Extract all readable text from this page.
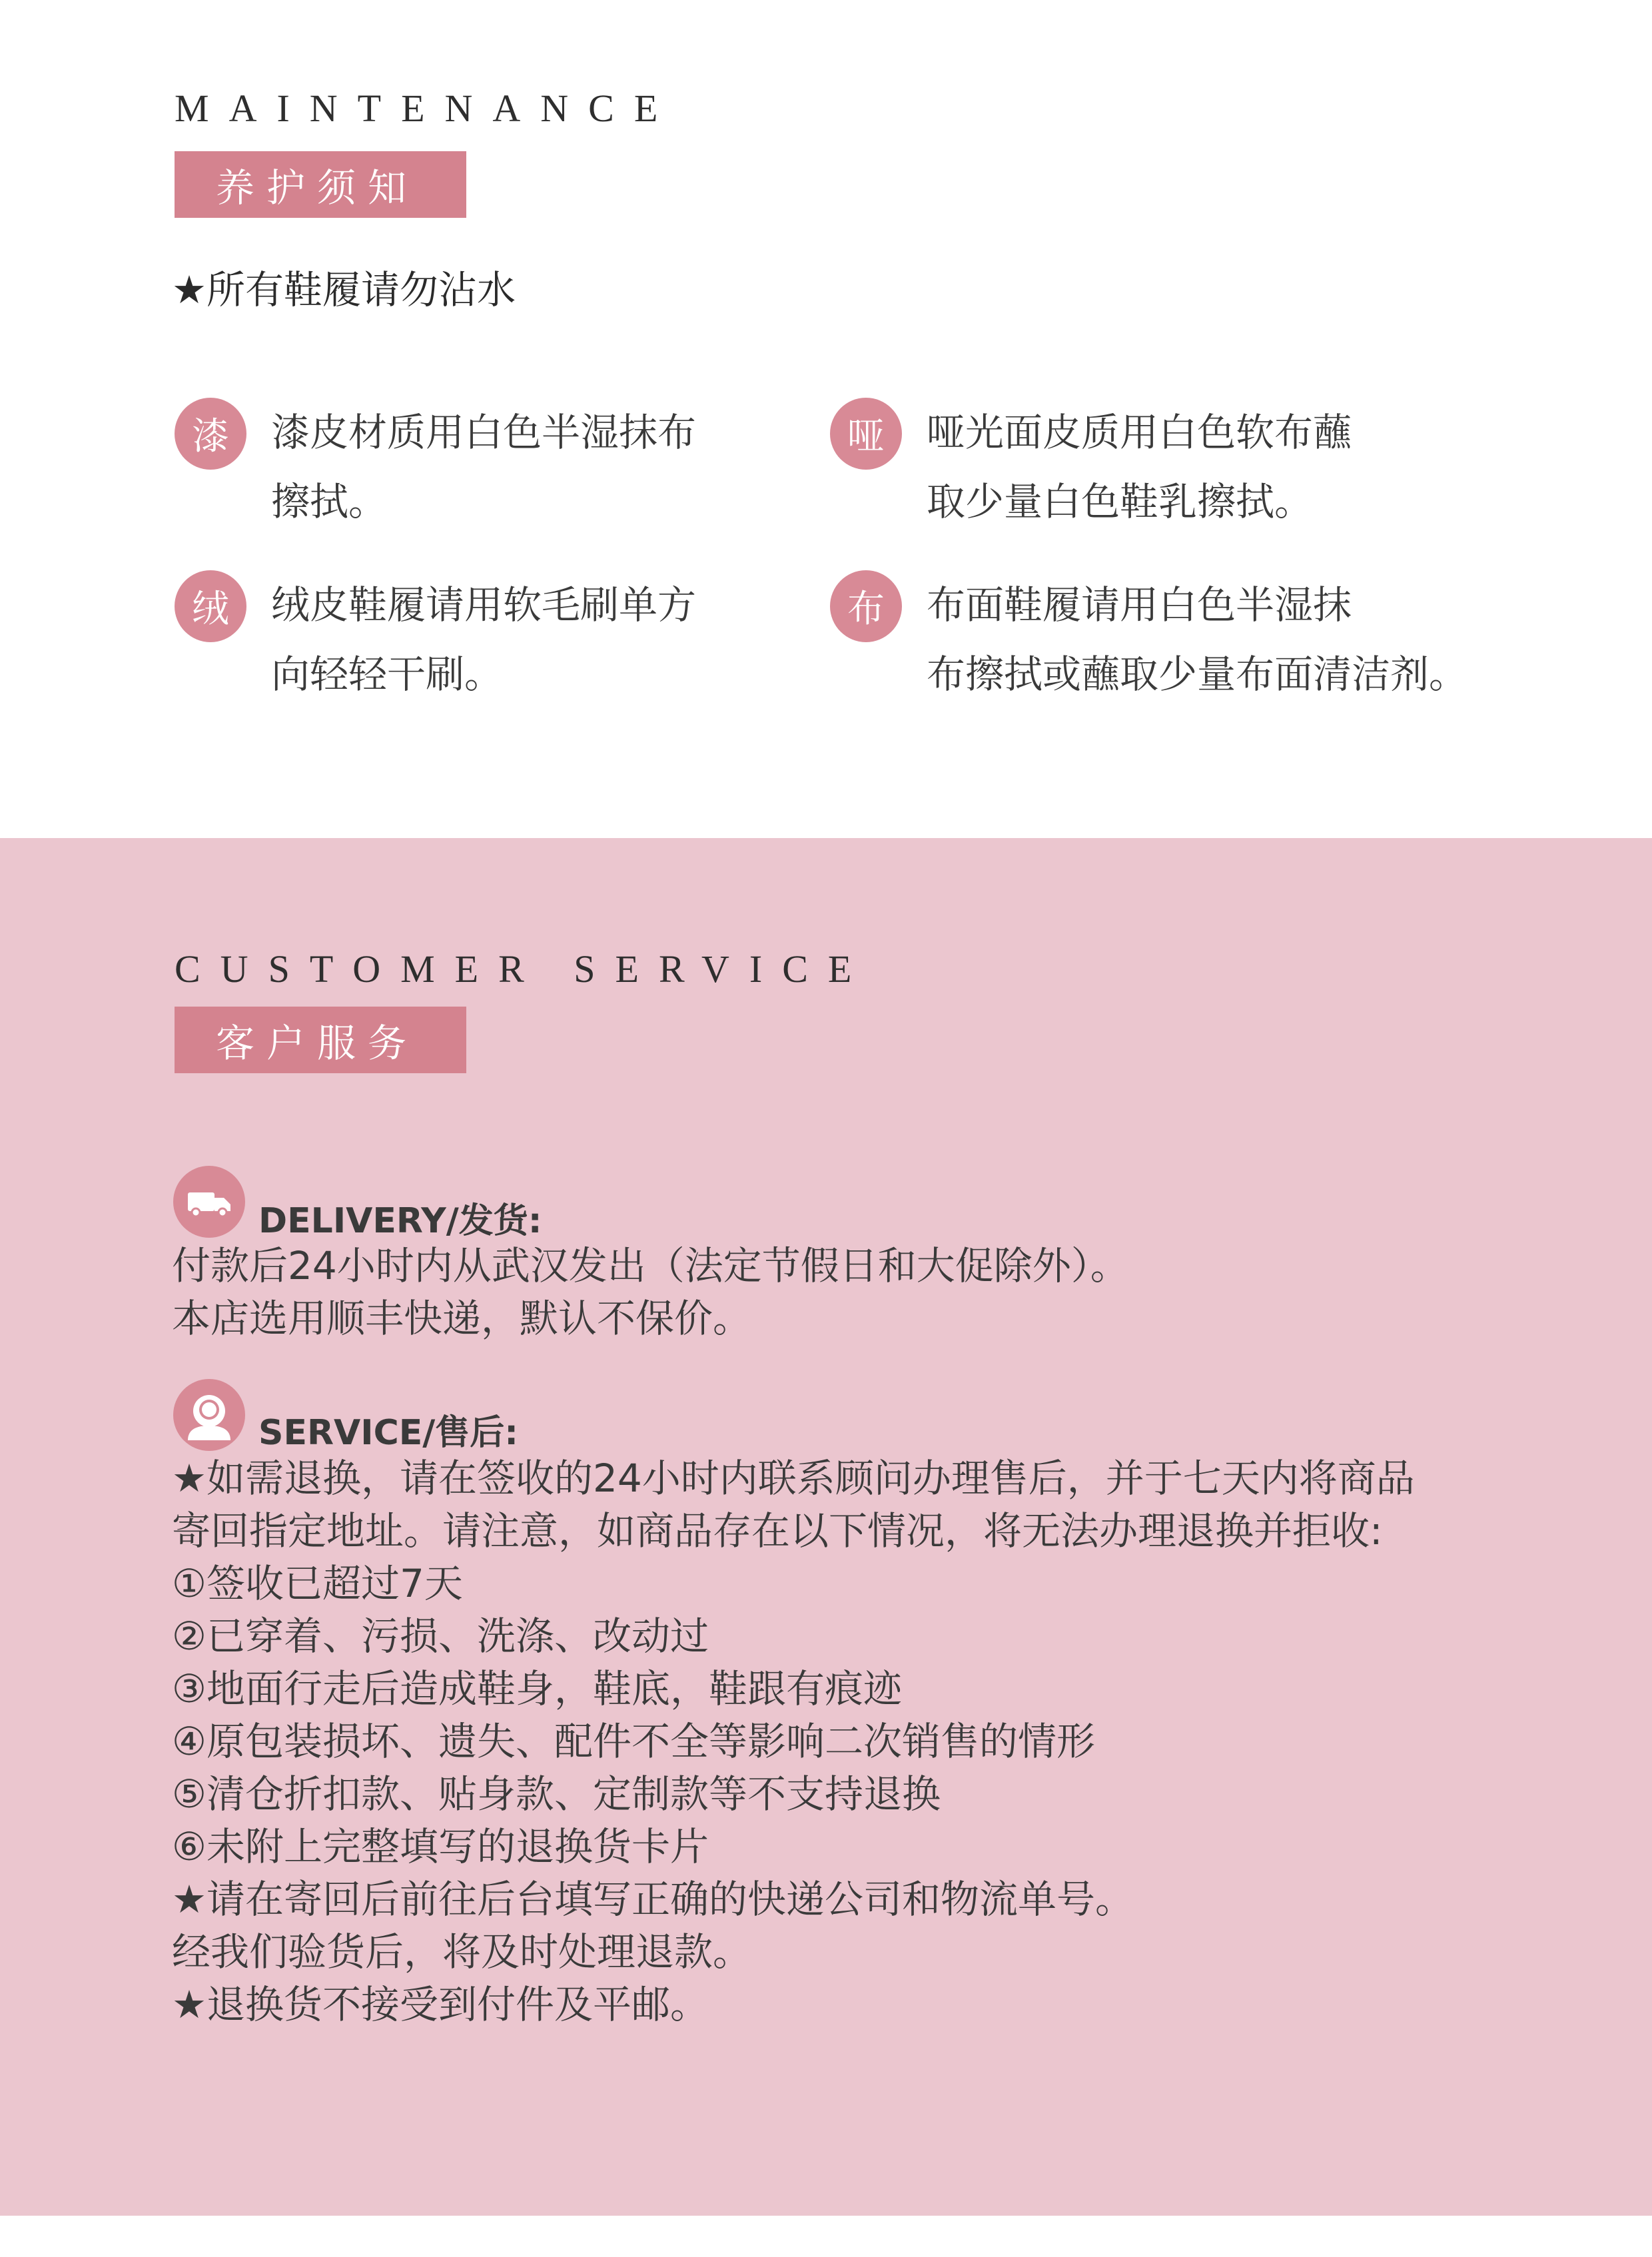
MAINTENANCE
养护须知
★所有鞋履请勿沾水
漆	漆皮材质用白色半湿抹布
擦拭。
哑	哑光面皮质用白色软布蘸
取少量白色鞋乳擦拭。
绒	绒皮鞋履请用软毛刷单方
向轻轻干刷。
布	布面鞋履请用白色半湿抹
布擦拭或蘸取少量布面清洁剂。
CUSTOMER SERVICE
客户服务
DELIVERY/发货:
付款后24小时内从武汉发出（法定节假日和大促除外）。
本店选用顺丰快递，默认不保价。
SERVICE/售后:
★如需退换，请在签收的24小时内联系顾问办理售后，并于七天内将商品
寄回指定地址。请注意，如商品存在以下情况，将无法办理退换并拒收:
①签收已超过7天
②已穿着、污损、洗涤、改动过
③地面行走后造成鞋身，鞋底，鞋跟有痕迹
④原包装损坏、遗失、配件不全等影响二次销售的情形
⑤清仓折扣款、贴身款、定制款等不支持退换
⑥未附上完整填写的退换货卡片
★请在寄回后前往后台填写正确的快递公司和物流单号。
经我们验货后，将及时处理退款。
★退换货不接受到付件及平邮。
